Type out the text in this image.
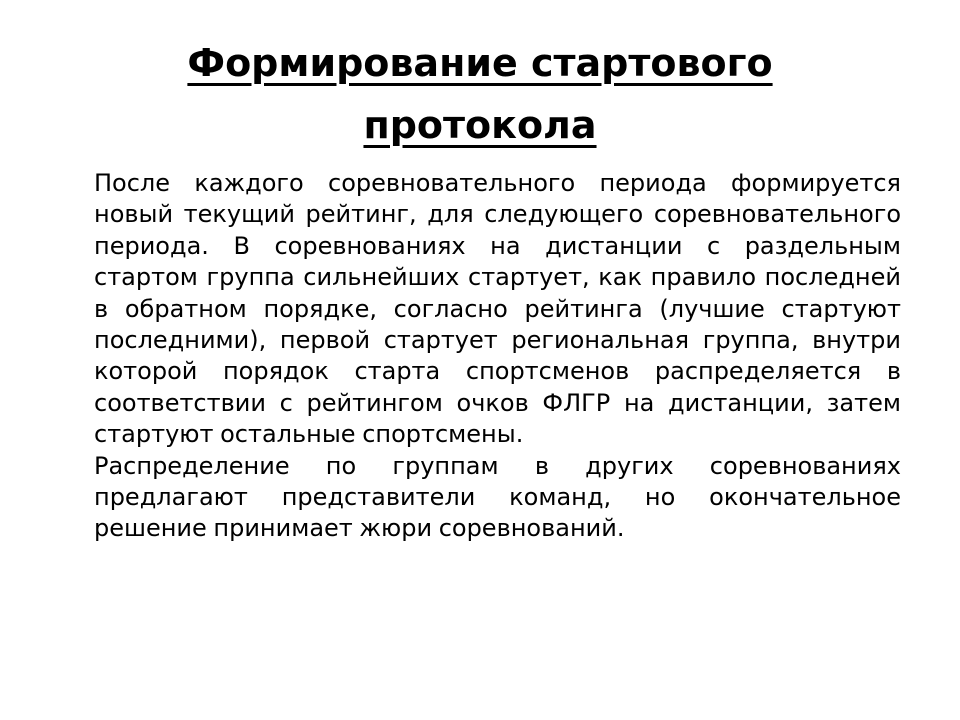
Формирование стартового
протокола

После каждого соревновательного периода формируется новый текущий рейтинг, для следующего соревновательного периода. В соревнованиях на дистанции с раздельным стартом группа сильнейших стартует, как правило последней в обратном порядке, согласно рейтинга (лучшие стартуют последними), первой стартует региональная группа, внутри которой порядок старта спортсменов распределяется в соответствии с рейтингом очков ФЛГР на дистанции, затем стартуют остальные спортсмены.

Распределение по группам в других соревнованиях предлагают представители команд, но окончательное решение принимает жюри соревнований.
